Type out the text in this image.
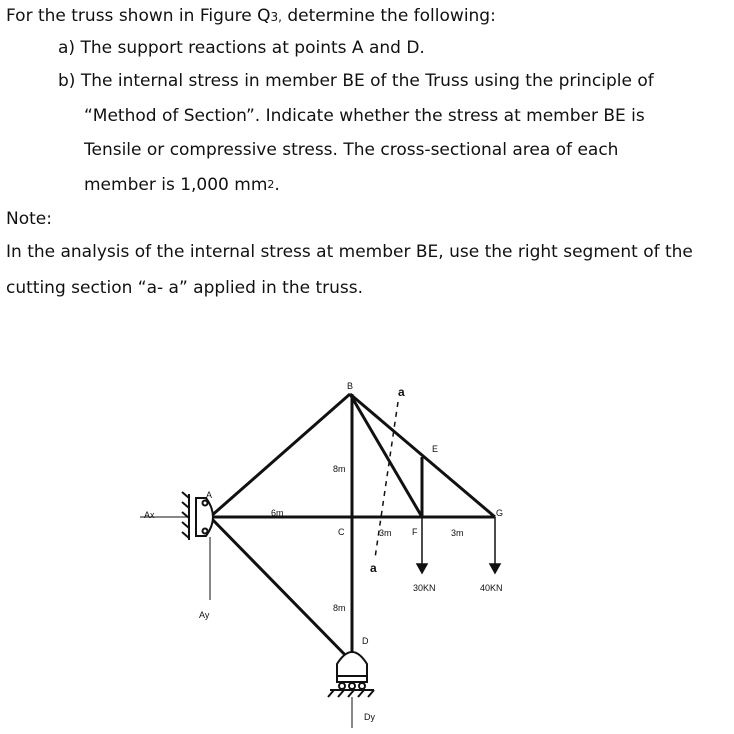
For the truss shown in Figure Q3, determine the following:
a) The support reactions at points A and D.
b) The internal stress in member BE of the Truss using the principle of
“Method of Section”. Indicate whether the stress at member BE is
Tensile or compressive stress. The cross-sectional area of each
member is 1,000 $mm^2$.
Note:
In the analysis of the internal stress at member BE, use the right segment of the
cutting section “a- a” applied in the truss.
B
A
E
G
C	F
D
Ax
Ay
Dy
6m
8m
3m	3m
8m
30KN	40KN
a
a
